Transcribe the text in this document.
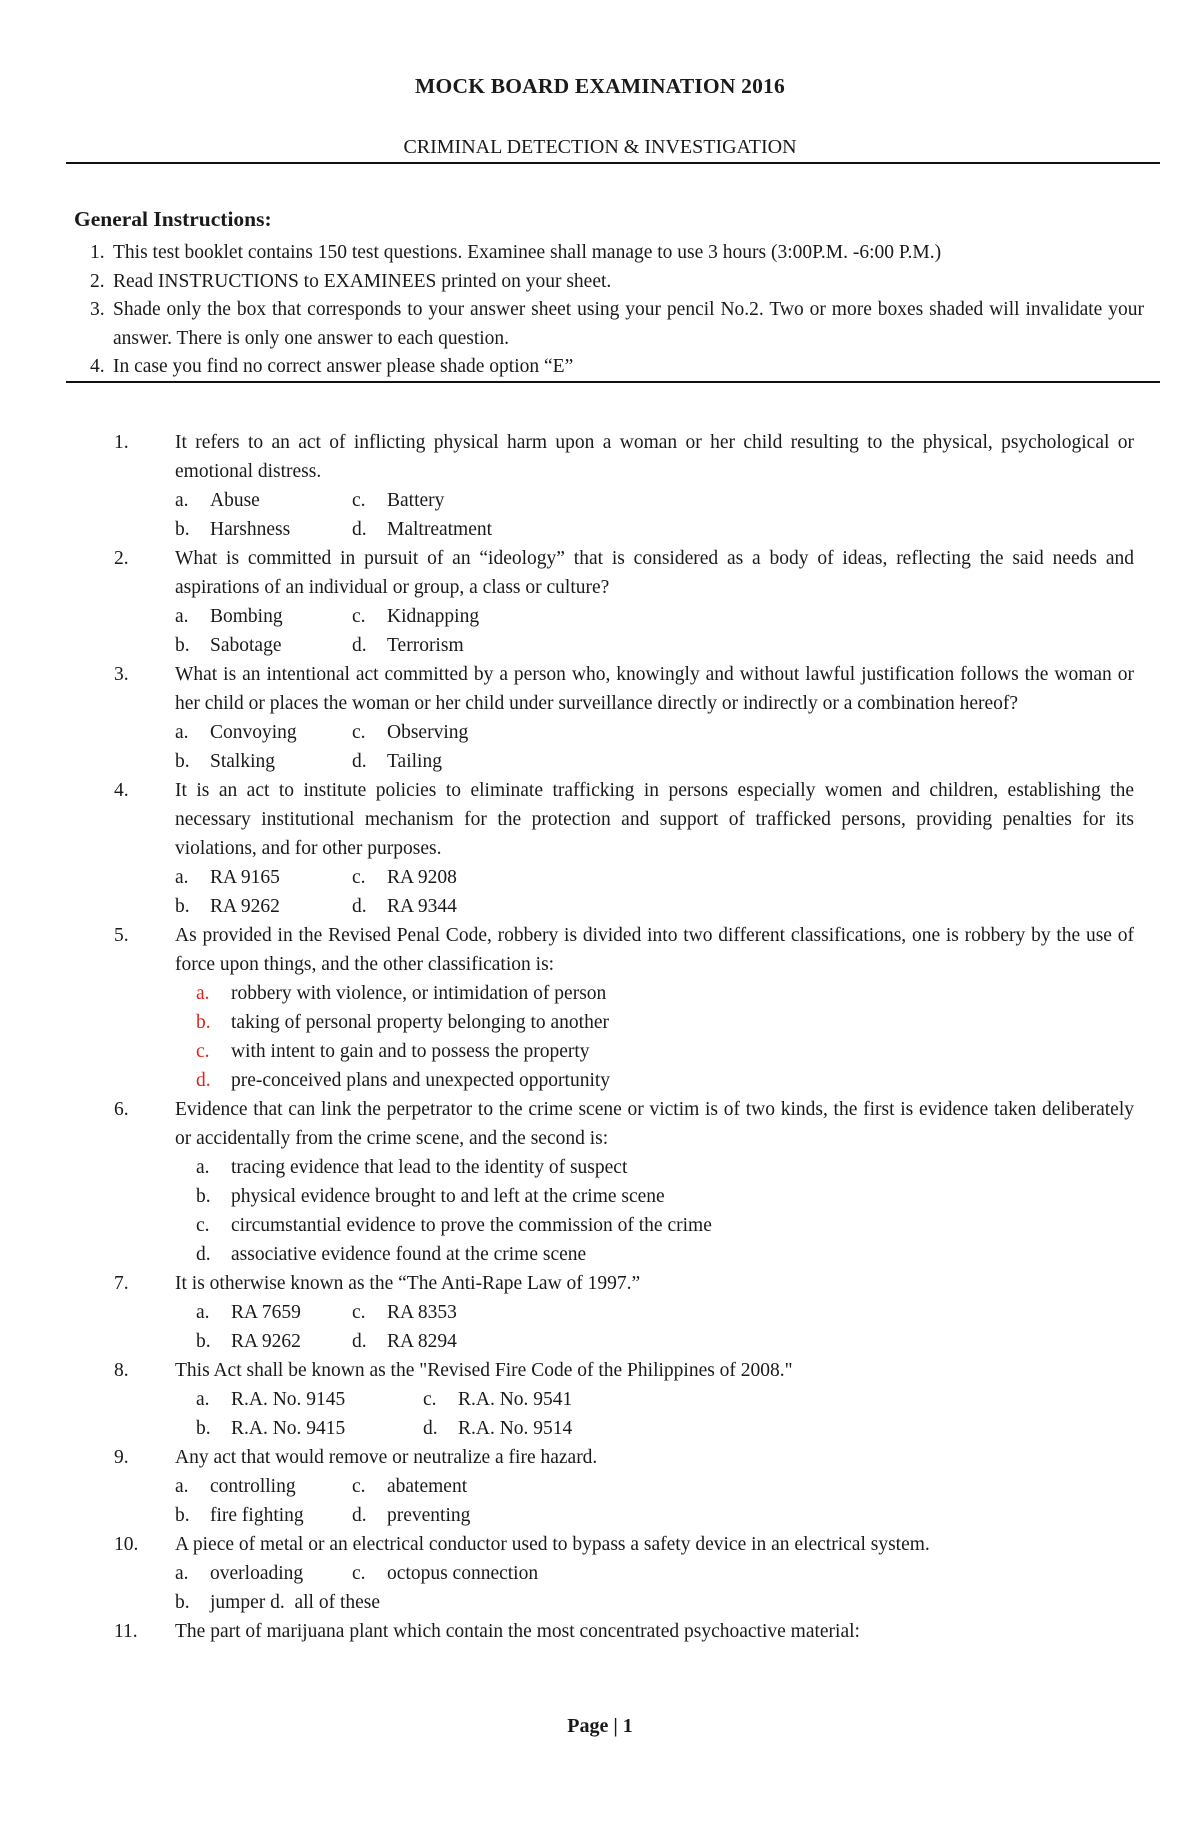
MOCK BOARD EXAMINATION 2016
CRIMINAL DETECTION & INVESTIGATION
General Instructions:
1. This test booklet contains 150 test questions. Examinee shall manage to use 3 hours (3:00P.M. -6:00 P.M.)
2. Read INSTRUCTIONS to EXAMINEES printed on your sheet.
3. Shade only the box that corresponds to your answer sheet using your pencil No.2. Two or more boxes shaded will invalidate your answer. There is only one answer to each question.
4. In case you find no correct answer please shade option “E”
1. It refers to an act of inflicting physical harm upon a woman or her child resulting to the physical, psychological or emotional distress.
a. Abuse	c. Battery
b. Harshness	d. Maltreatment
2. What is committed in pursuit of an “ideology” that is considered as a body of ideas, reflecting the said needs and aspirations of an individual or group, a class or culture?
a. Bombing	c. Kidnapping
b. Sabotage	d. Terrorism
3. What is an intentional act committed by a person who, knowingly and without lawful justification follows the woman or her child or places the woman or her child under surveillance directly or indirectly or a combination hereof?
a. Convoying	c. Observing
b. Stalking	d. Tailing
4. It is an act to institute policies to eliminate trafficking in persons especially women and children, establishing the necessary institutional mechanism for the protection and support of trafficked persons, providing penalties for its violations, and for other purposes.
a. RA 9165	c. RA 9208
b. RA 9262	d. RA 9344
5. As provided in the Revised Penal Code, robbery is divided into two different classifications, one is robbery by the use of force upon things, and the other classification is:
a. robbery with violence, or intimidation of person
b. taking of personal property belonging to another
c. with intent to gain and to possess the property
d. pre-conceived plans and unexpected opportunity
6. Evidence that can link the perpetrator to the crime scene or victim is of two kinds, the first is evidence taken deliberately or accidentally from the crime scene, and the second is:
a. tracing evidence that lead to the identity of suspect
b. physical evidence brought to and left at the crime scene
c. circumstantial evidence to prove the commission of the crime
d. associative evidence found at the crime scene
7. It is otherwise known as the “The Anti-Rape Law of 1997.”
a. RA 7659	c. RA 8353
b. RA 9262	d. RA 8294
8. This Act shall be known as the "Revised Fire Code of the Philippines of 2008."
a. R.A. No. 9145	c. R.A. No. 9541
b. R.A. No. 9415	d. R.A. No. 9514
9. Any act that would remove or neutralize a fire hazard.
a. controlling	c. abatement
b. fire fighting d. preventing
10. A piece of metal or an electrical conductor used to bypass a safety device in an electrical system.
a. overloading	c. octopus connection
b. jumper d. all of these
11. The part of marijuana plant which contain the most concentrated psychoactive material:
Page | 1
